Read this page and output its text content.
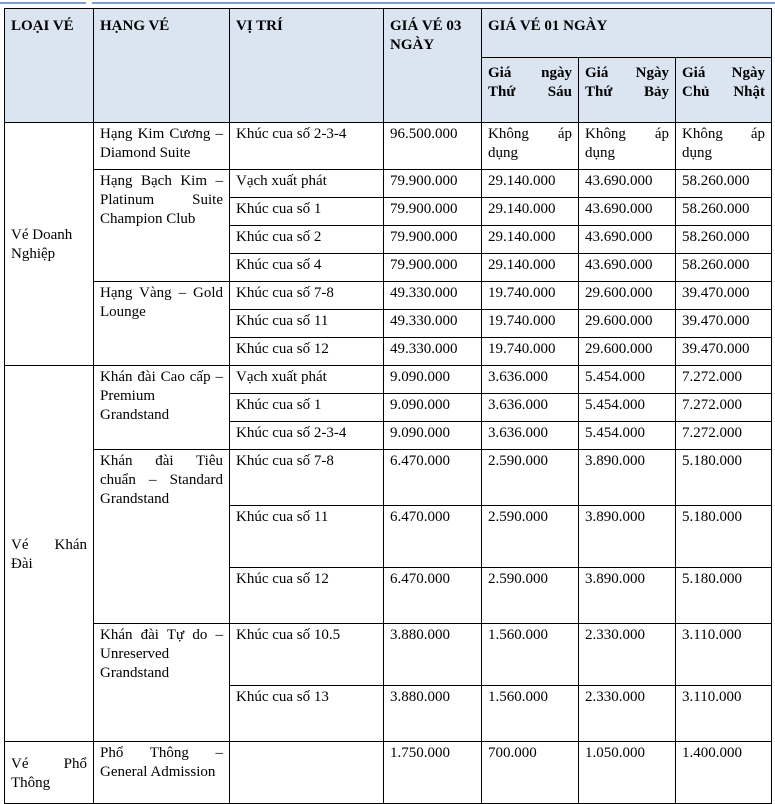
LOẠI VÉ	HẠNG VÉ	VỊ TRÍ	GIÁ VÉ 03 NGÀY	GIÁ VÉ 01 NGÀY		
				Giá ngày Thứ Sáu	Giá Ngày Thứ Bảy	Giá Ngày Chủ Nhật
Vé Doanh Nghiệp	Hạng Kim Cương – Diamond Suite	Khúc cua số 2-3-4	96.500.000	Không áp dụng	Không áp dụng	Không áp dụng
	Hạng Bạch Kim – Platinum Suite Champion Club	Vạch xuất phát	79.900.000	29.140.000	43.690.000	58.260.000
		Khúc cua số 1	79.900.000	29.140.000	43.690.000	58.260.000
		Khúc cua số 2	79.900.000	29.140.000	43.690.000	58.260.000
		Khúc cua số 4	79.900.000	29.140.000	43.690.000	58.260.000
	Hạng Vàng – Gold Lounge	Khúc cua số 7-8	49.330.000	19.740.000	29.600.000	39.470.000
		Khúc cua số 11	49.330.000	19.740.000	29.600.000	39.470.000
		Khúc cua số 12	49.330.000	19.740.000	29.600.000	39.470.000
Vé Khán Đài	Khán đài Cao cấp – Premium Grandstand	Vạch xuất phát	9.090.000	3.636.000	5.454.000	7.272.000
		Khúc cua số 1	9.090.000	3.636.000	5.454.000	7.272.000
		Khúc cua số 2-3-4	9.090.000	3.636.000	5.454.000	7.272.000
	Khán đài Tiêu chuẩn – Standard Grandstand	Khúc cua số 7-8	6.470.000	2.590.000	3.890.000	5.180.000
		Khúc cua số 11	6.470.000	2.590.000	3.890.000	5.180.000
		Khúc cua số 12	6.470.000	2.590.000	3.890.000	5.180.000
	Khán đài Tự do – Unreserved Grandstand	Khúc cua số 10.5	3.880.000	1.560.000	2.330.000	3.110.000
		Khúc cua số 13	3.880.000	1.560.000	2.330.000	3.110.000
Vé Phổ Thông	Phổ Thông – General Admission		1.750.000	700.000	1.050.000	1.400.000
